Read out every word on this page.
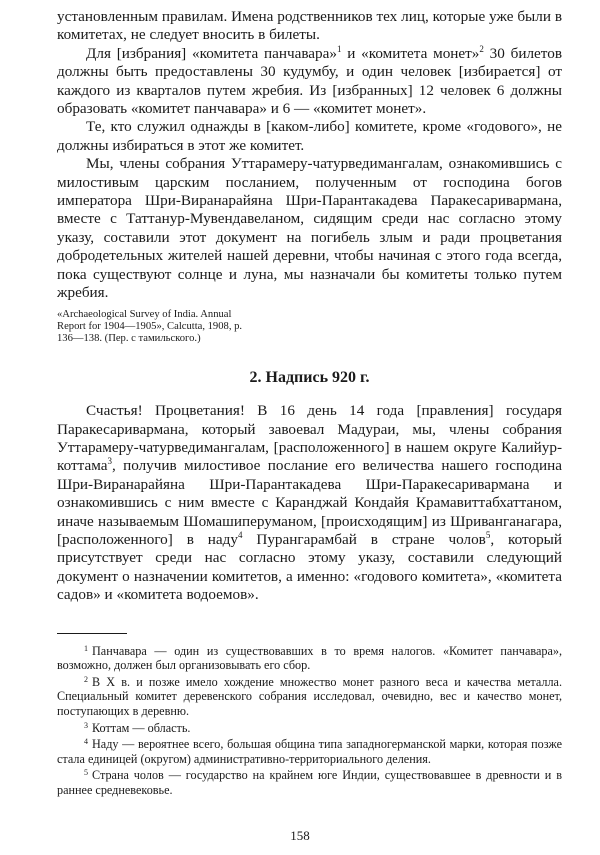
установленным правилам. Имена родственников тех лиц, которые уже были в комитетах, не следует вносить в билеты.

Для [избрания] «комитета панчавара»$^1$ и «комитета монет»$^2$ 30 билетов должны быть предоставлены 30 кудумбу, и один человек [избирается] от каждого из кварталов путем жребия. Из [избранных] 12 человек 6 должны образовать «комитет панчавара» и 6 — «комитет монет».

Те, кто служил однажды в [каком-либо] комитете, кроме «годового», не должны избираться в этот же комитет.

Мы, члены собрания Уттарамеру-чатурведимангалам, ознакомившись с милостивым царским посланием, полученным от господина богов императора Шри-Виранарайяна Шри-Парантакадева Паракесаривармана, вместе с Таттанур-Мувендавеланом, сидящим среди нас согласно этому указу, составили этот документ на погибель злым и ради процветания добродетельных жителей нашей деревни, чтобы начиная с этого года всегда, пока существуют солнце и луна, мы назначали бы комитеты только путем жребия.

«Archaeological Survey of India. Annual Report for 1904—1905», Calcutta, 1908, p. 136—138. (Пер. с тамильского.)

2. Надпись 920 г.

Счастья! Процветания! В 16 день 14 года [правления] государя Паракесаривармана, который завоевал Мадураи, мы, члены собрания Уттарамеру-чатурведимангалам, [расположенного] в нашем округе Калийур-коттама$^3$, получив милостивое послание его величества нашего господина Шри-Виранарайяна Шри-Парантакадева Шри-Паракесаривармана и ознакомившись с ним вместе с Каранджай Кондайя Крамавиттабхаттаном, иначе называемым Шомашиперуманом, [происходящим] из Шриванганагара, [расположенного] в наду$^4$ Пурангарамбай в стране чолов$^5$, который присутствует среди нас согласно этому указу, составили следующий документ о назначении комитетов, а именно: «годового комитета», «комитета садов» и «комитета водоемов».

$^1$ Панчавара — один из существовавших в то время налогов. «Комитет панчавара», возможно, должен был организовывать его сбор.
$^2$ В X в. и позже имело хождение множество монет разного веса и качества металла. Специальный комитет деревенского собрания исследовал, очевидно, вес и качество монет, поступающих в деревню.
$^3$ Коттам — область.
$^4$ Наду — вероятнее всего, большая община типа западногерманской марки, которая позже стала единицей (округом) административно-территориального деления.
$^5$ Страна чолов — государство на крайнем юге Индии, существовавшее в древности и в раннее средневековье.
158
